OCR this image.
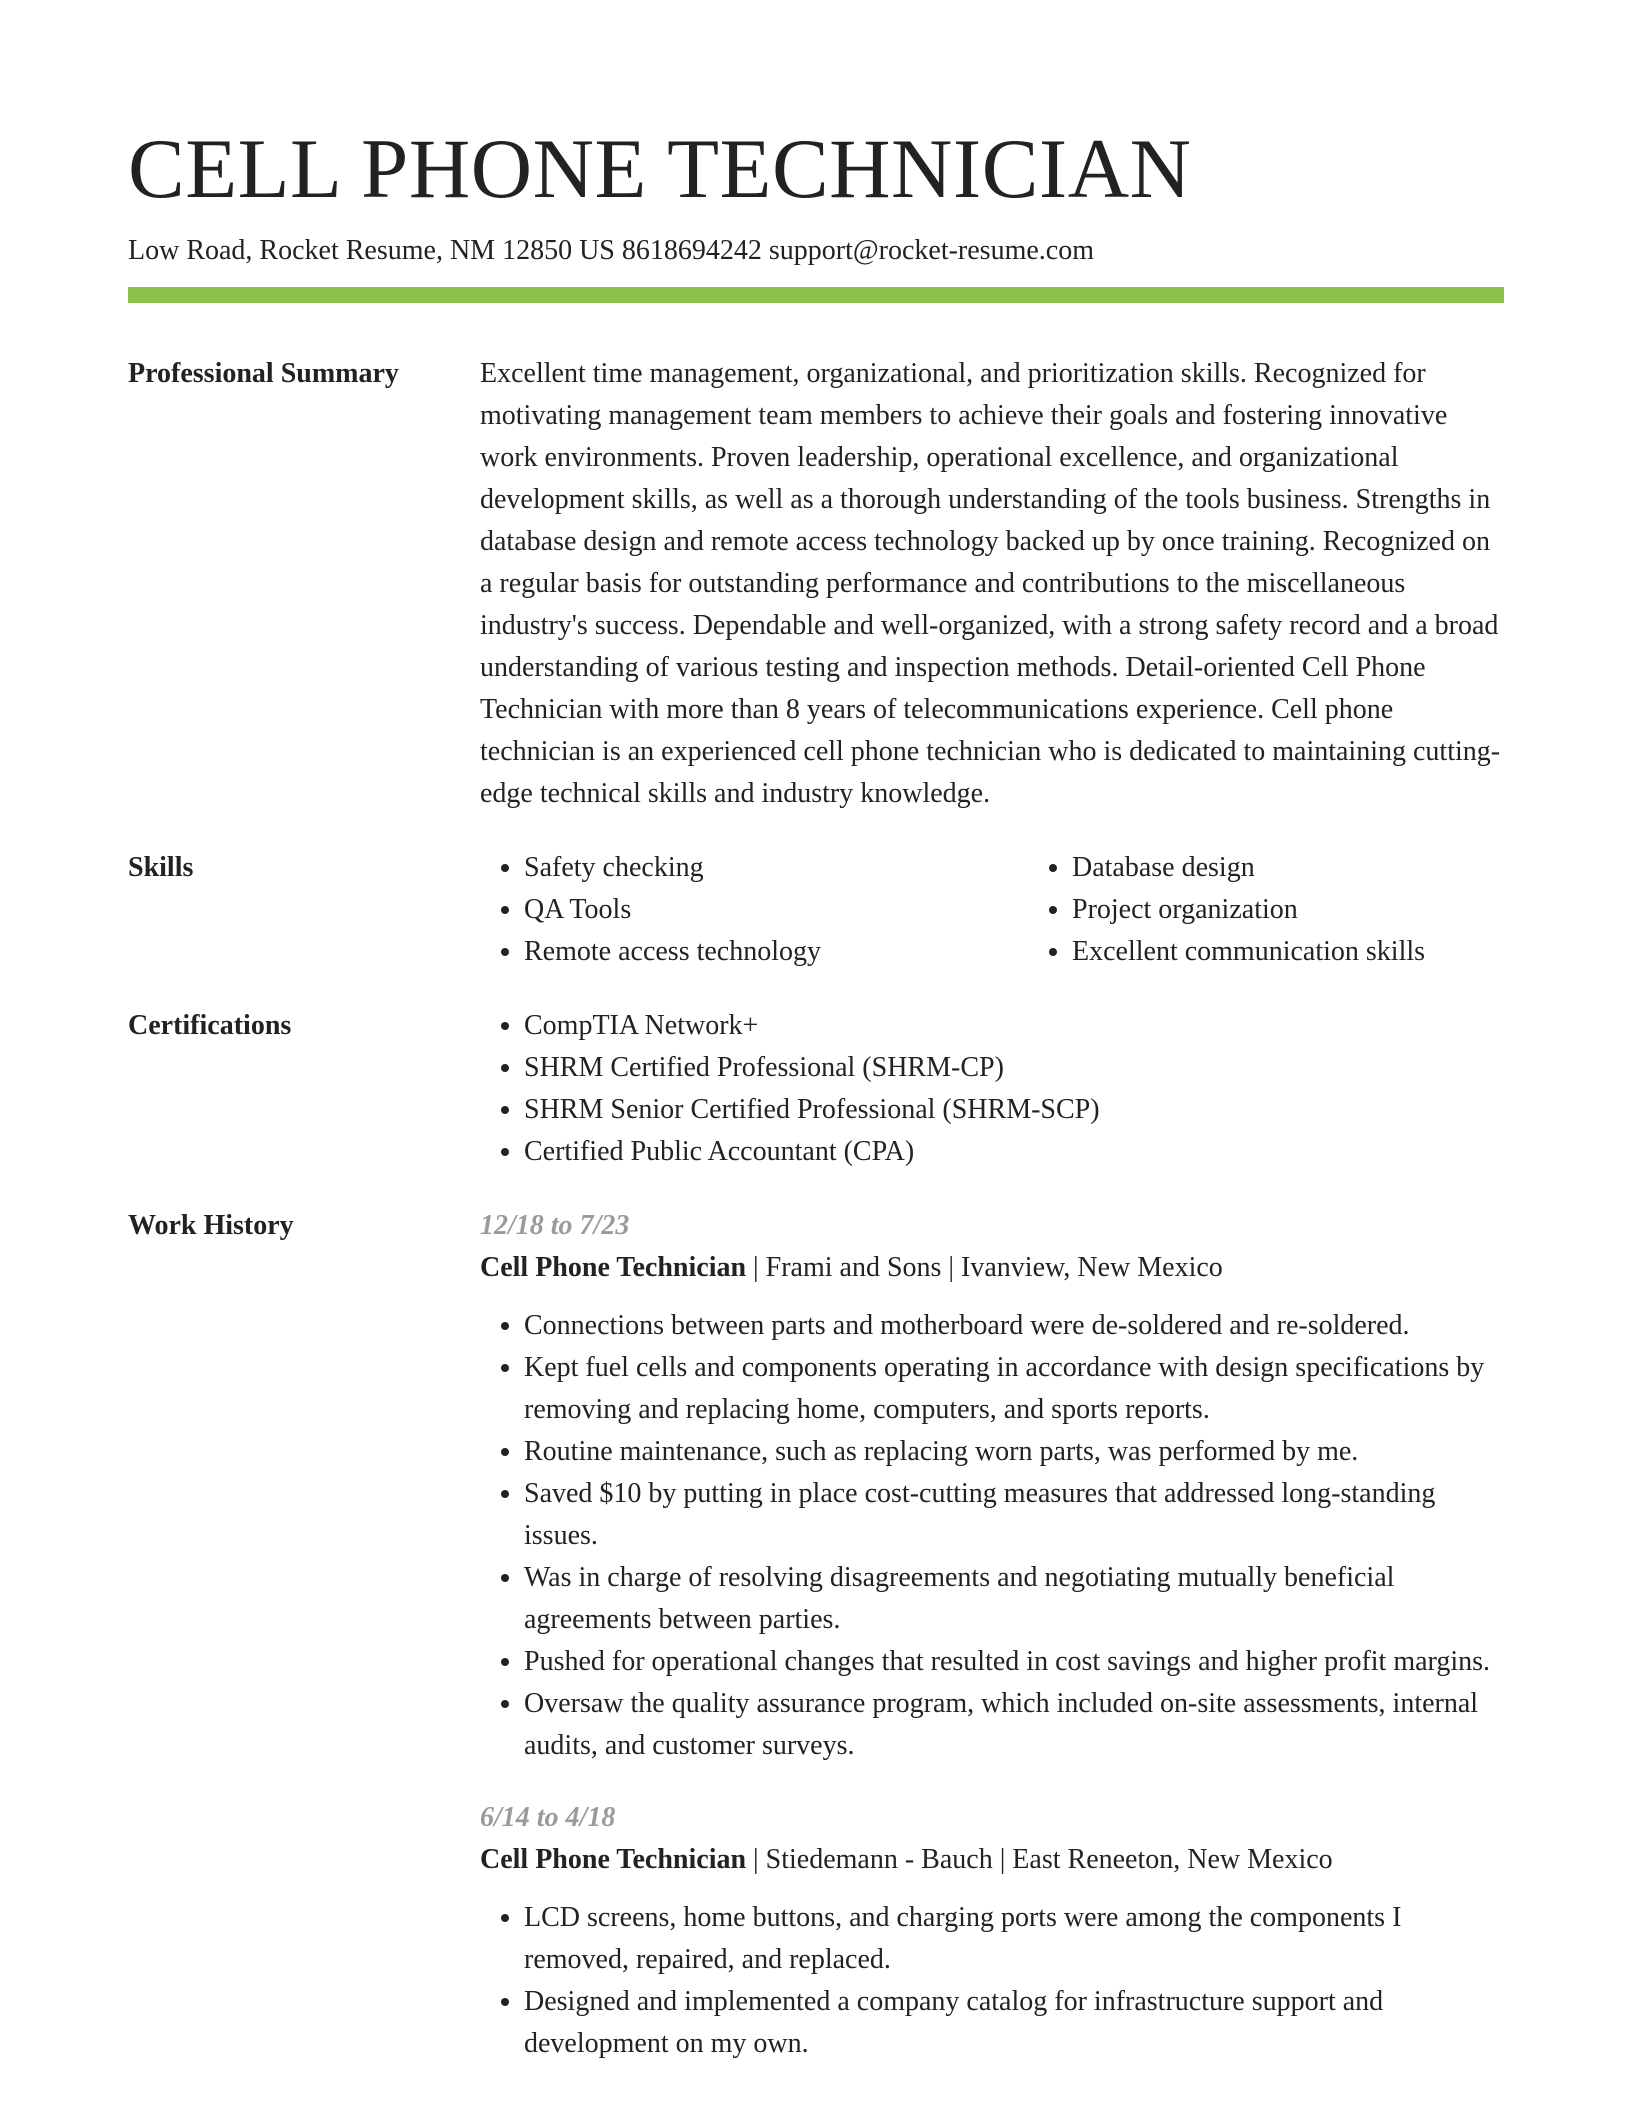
CELL PHONE TECHNICIAN
Low Road, Rocket Resume, NM 12850 US 8618694242 support@rocket-resume.com
Professional Summary	Excellent time management, organizational, and prioritization skills. Recognized for motivating management team members to achieve their goals and fostering innovative work environments. Proven leadership, operational excellence, and organizational development skills, as well as a thorough understanding of the tools business. Strengths in database design and remote access technology backed up by once training. Recognized on a regular basis for outstanding performance and contributions to the miscellaneous industry's success. Dependable and well-organized, with a strong safety record and a broad understanding of various testing and inspection methods. Detail-oriented Cell Phone Technician with more than 8 years of telecommunications experience. Cell phone technician is an experienced cell phone technician who is dedicated to maintaining cutting-edge technical skills and industry knowledge.
Skills	• Safety checking
• QA Tools
• Remote access technology
• Database design
• Project organization
• Excellent communication skills
Certifications	• CompTIA Network+
• SHRM Certified Professional (SHRM-CP)
• SHRM Senior Certified Professional (SHRM-SCP)
• Certified Public Accountant (CPA)
Work History	12/18 to 7/23
Cell Phone Technician | Frami and Sons | Ivanview, New Mexico
• Connections between parts and motherboard were de-soldered and re-soldered.
• Kept fuel cells and components operating in accordance with design specifications by removing and replacing home, computers, and sports reports.
• Routine maintenance, such as replacing worn parts, was performed by me.
• Saved $10 by putting in place cost-cutting measures that addressed long-standing issues.
• Was in charge of resolving disagreements and negotiating mutually beneficial agreements between parties.
• Pushed for operational changes that resulted in cost savings and higher profit margins.
• Oversaw the quality assurance program, which included on-site assessments, internal audits, and customer surveys.
6/14 to 4/18
Cell Phone Technician | Stiedemann - Bauch | East Reneeton, New Mexico
• LCD screens, home buttons, and charging ports were among the components I removed, repaired, and replaced.
• Designed and implemented a company catalog for infrastructure support and development on my own.
